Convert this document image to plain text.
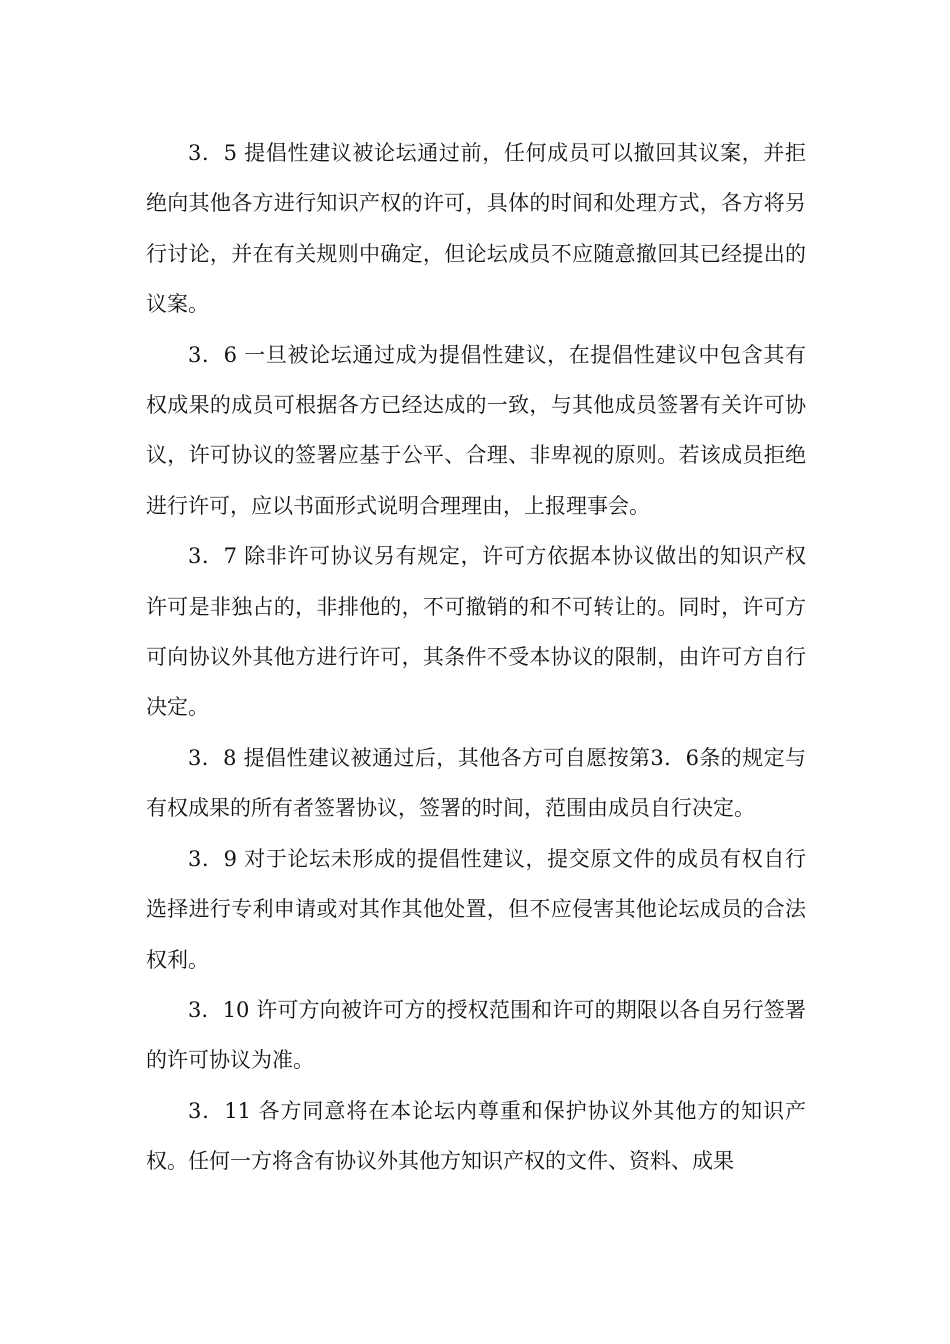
3．5 提倡性建议被论坛通过前，任何成员可以撤回其议案，并拒绝向其他各方进行知识产权的许可，具体的时间和处理方式，各方将另行讨论，并在有关规则中确定，但论坛成员不应随意撤回其已经提出的议案。

3．6 一旦被论坛通过成为提倡性建议，在提倡性建议中包含其有权成果的成员可根据各方已经达成的一致，与其他成员签署有关许可协议，许可协议的签署应基于公平、合理、非卑视的原则。若该成员拒绝进行许可，应以书面形式说明合理理由，上报理事会。

3．7 除非许可协议另有规定，许可方依据本协议做出的知识产权许可是非独占的，非排他的，不可撤销的和不可转让的。同时，许可方可向协议外其他方进行许可，其条件不受本协议的限制，由许可方自行决定。

3．8 提倡性建议被通过后，其他各方可自愿按第3．6条的规定与有权成果的所有者签署协议，签署的时间，范围由成员自行决定。

3．9 对于论坛未形成的提倡性建议，提交原文件的成员有权自行选择进行专利申请或对其作其他处置，但不应侵害其他论坛成员的合法权利。

3．10 许可方向被许可方的授权范围和许可的期限以各自另行签署的许可协议为准。

3．11 各方同意将在本论坛内尊重和保护协议外其他方的知识产权。任何一方将含有协议外其他方知识产权的文件、资料、成果
